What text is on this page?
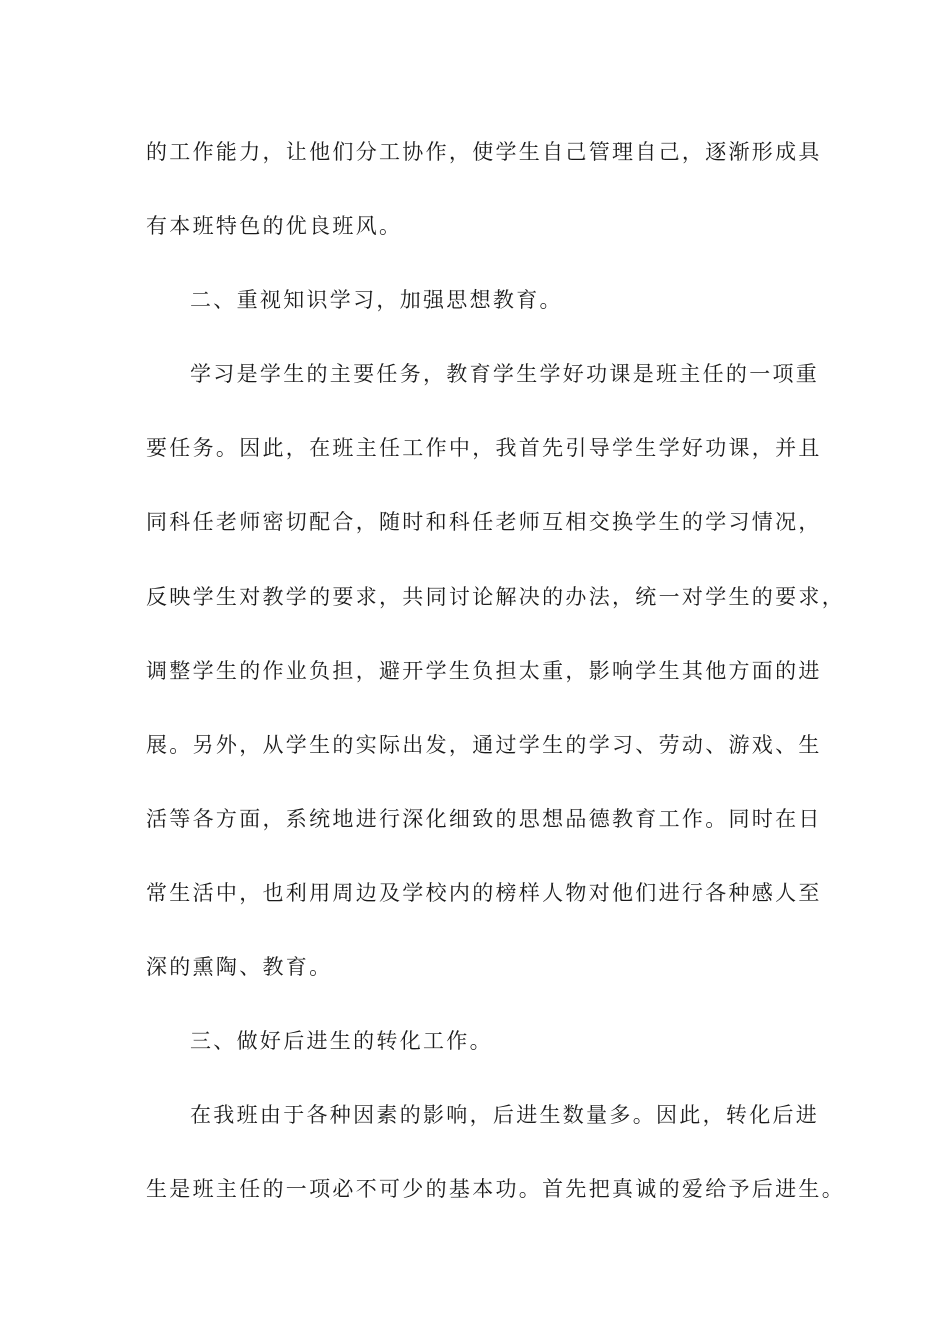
的工作能力，让他们分工协作，使学生自己管理自己，逐渐形成具
有本班特色的优良班风。
二、重视知识学习，加强思想教育。
学习是学生的主要任务，教育学生学好功课是班主任的一项重
要任务。因此，在班主任工作中，我首先引导学生学好功课，并且
同科任老师密切配合，随时和科任老师互相交换学生的学习情况，
反映学生对教学的要求，共同讨论解决的办法，统一对学生的要求，
调整学生的作业负担，避开学生负担太重，影响学生其他方面的进
展。另外，从学生的实际出发，通过学生的学习、劳动、游戏、生
活等各方面，系统地进行深化细致的思想品德教育工作。同时在日
常生活中，也利用周边及学校内的榜样人物对他们进行各种感人至
深的熏陶、教育。
三、做好后进生的转化工作。
在我班由于各种因素的影响，后进生数量多。因此，转化后进
生是班主任的一项必不可少的基本功。首先把真诚的爱给予后进生。
